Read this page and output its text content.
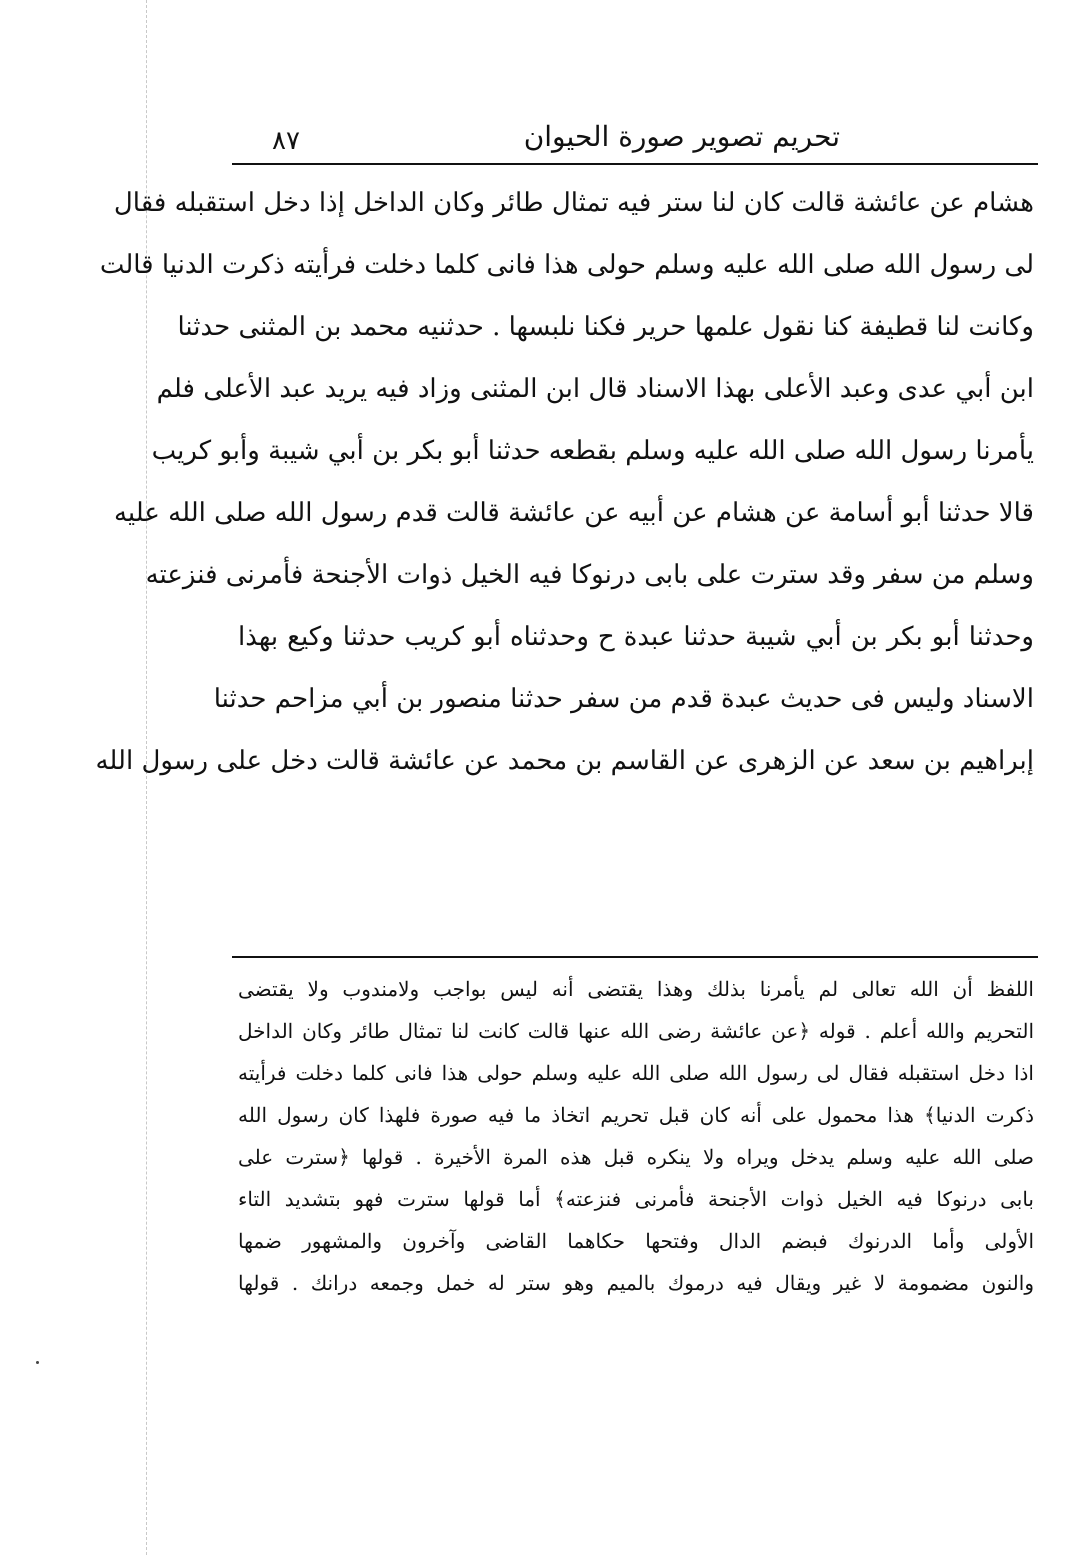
٨٧	تحريم تصوير صورة الحيوان
هشام عن عائشة قالت كان لنا ستر فيه تمثال طائر وكان الداخل إذا دخل استقبله فقال
لى رسول الله صلى الله عليه وسلم حولى هذا فانى كلما دخلت فرأيته ذكرت الدنيا قالت
وكانت لنا قطيفة كنا نقول علمها حرير فكنا نلبسها . حدثنيه محمد بن المثنى حدثنا
ابن أبي عدى وعبد الأعلى بهذا الاسناد قال ابن المثنى وزاد فيه يريد عبد الأعلى فلم
يأمرنا رسول الله صلى الله عليه وسلم بقطعه حدثنا أبو بكر بن أبي شيبة وأبو كريب
قالا حدثنا أبو أسامة عن هشام عن أبيه عن عائشة قالت قدم رسول الله صلى الله عليه
وسلم من سفر وقد سترت على بابى درنوكا فيه الخيل ذوات الأجنحة فأمرنى فنزعته
وحدثنا أبو بكر بن أبي شيبة حدثنا عبدة ح وحدثناه أبو كريب حدثنا وكيع بهذا
الاسناد وليس فى حديث عبدة قدم من سفر حدثنا منصور بن أبي مزاحم حدثنا
إبراهيم بن سعد عن الزهرى عن القاسم بن محمد عن عائشة قالت دخل على رسول الله
اللفظ أن الله تعالى لم يأمرنا بذلك وهذا يقتضى أنه ليس بواجب ولامندوب ولا يقتضى
التحريم والله أعلم . قوله ﴿عن عائشة رضى الله عنها قالت كانت لنا تمثال طائر وكان الداخل
اذا دخل استقبله فقال لى رسول الله صلى الله عليه وسلم حولى هذا فانى كلما دخلت فرأيته
ذكرت الدنيا﴾ هذا محمول على أنه كان قبل تحريم اتخاذ ما فيه صورة فلهذا كان رسول الله
صلى الله عليه وسلم يدخل ويراه ولا ينكره قبل هذه المرة الأخيرة . قولها ﴿سترت على
بابى درنوكا فيه الخيل ذوات الأجنحة فأمرنى فنزعته﴾ أما قولها سترت فهو بتشديد التاء
الأولى وأما الدرنوك فبضم الدال وفتحها حكاهما القاضى وآخرون والمشهور ضمها
والنون مضمومة لا غير ويقال فيه درموك بالميم وهو ستر له خمل وجمعه درانك . قولها
